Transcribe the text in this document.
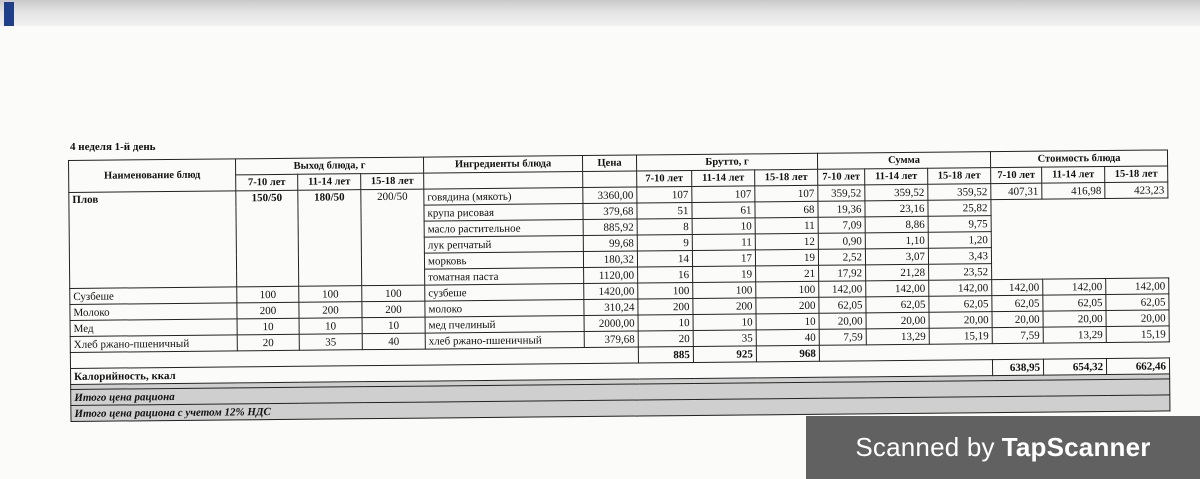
4 неделя 1-й день
Наименование блюд	Выход блюда, г			Ингредиенты блюда	Цена	Брутто, г			Сумма			Стоимость блюда		
	7-10 лет	11-14 лет	15-18 лет			7-10 лет	11-14 лет	15-18 лет	7-10 лет	11-14 лет	15-18 лет	7-10 лет	11-14 лет	15-18 лет
Плов	150/50	180/50	200/50	говядина (мякоть)	3360,00	107	107	107	359,52	359,52	359,52	407,31	416,98	423,23
				крупа рисовая	379,68	51	61	68	19,36	23,16	25,82			
				масло растительное	885,92	8	10	11	7,09	8,86	9,75			
				лук репчатый	99,68	9	11	12	0,90	1,10	1,20			
				морковь	180,32	14	17	19	2,52	3,07	3,43			
				томатная паста	1120,00	16	19	21	17,92	21,28	23,52			
Сузбеше	100	100	100	сузбеше	1420,00	100	100	100	142,00	142,00	142,00	142,00	142,00	142,00
Молоко	200	200	200	молоко	310,24	200	200	200	62,05	62,05	62,05	62,05	62,05	62,05
Мед	10	10	10	мед пчелиный	2000,00	10	10	10	20,00	20,00	20,00	20,00	20,00	20,00
Хлеб ржано-пшеничный	20	35	40	хлеб ржано-пшеничный	379,68	20	35	40	7,59	13,29	15,19	7,59	13,29	15,19
						885	925	968						
Калорийность, ккал												638,95	654,32	662,46

Итого цена рациона														
Итого цена рациона с учетом 12% НДС														
Scanned by TapScanner
